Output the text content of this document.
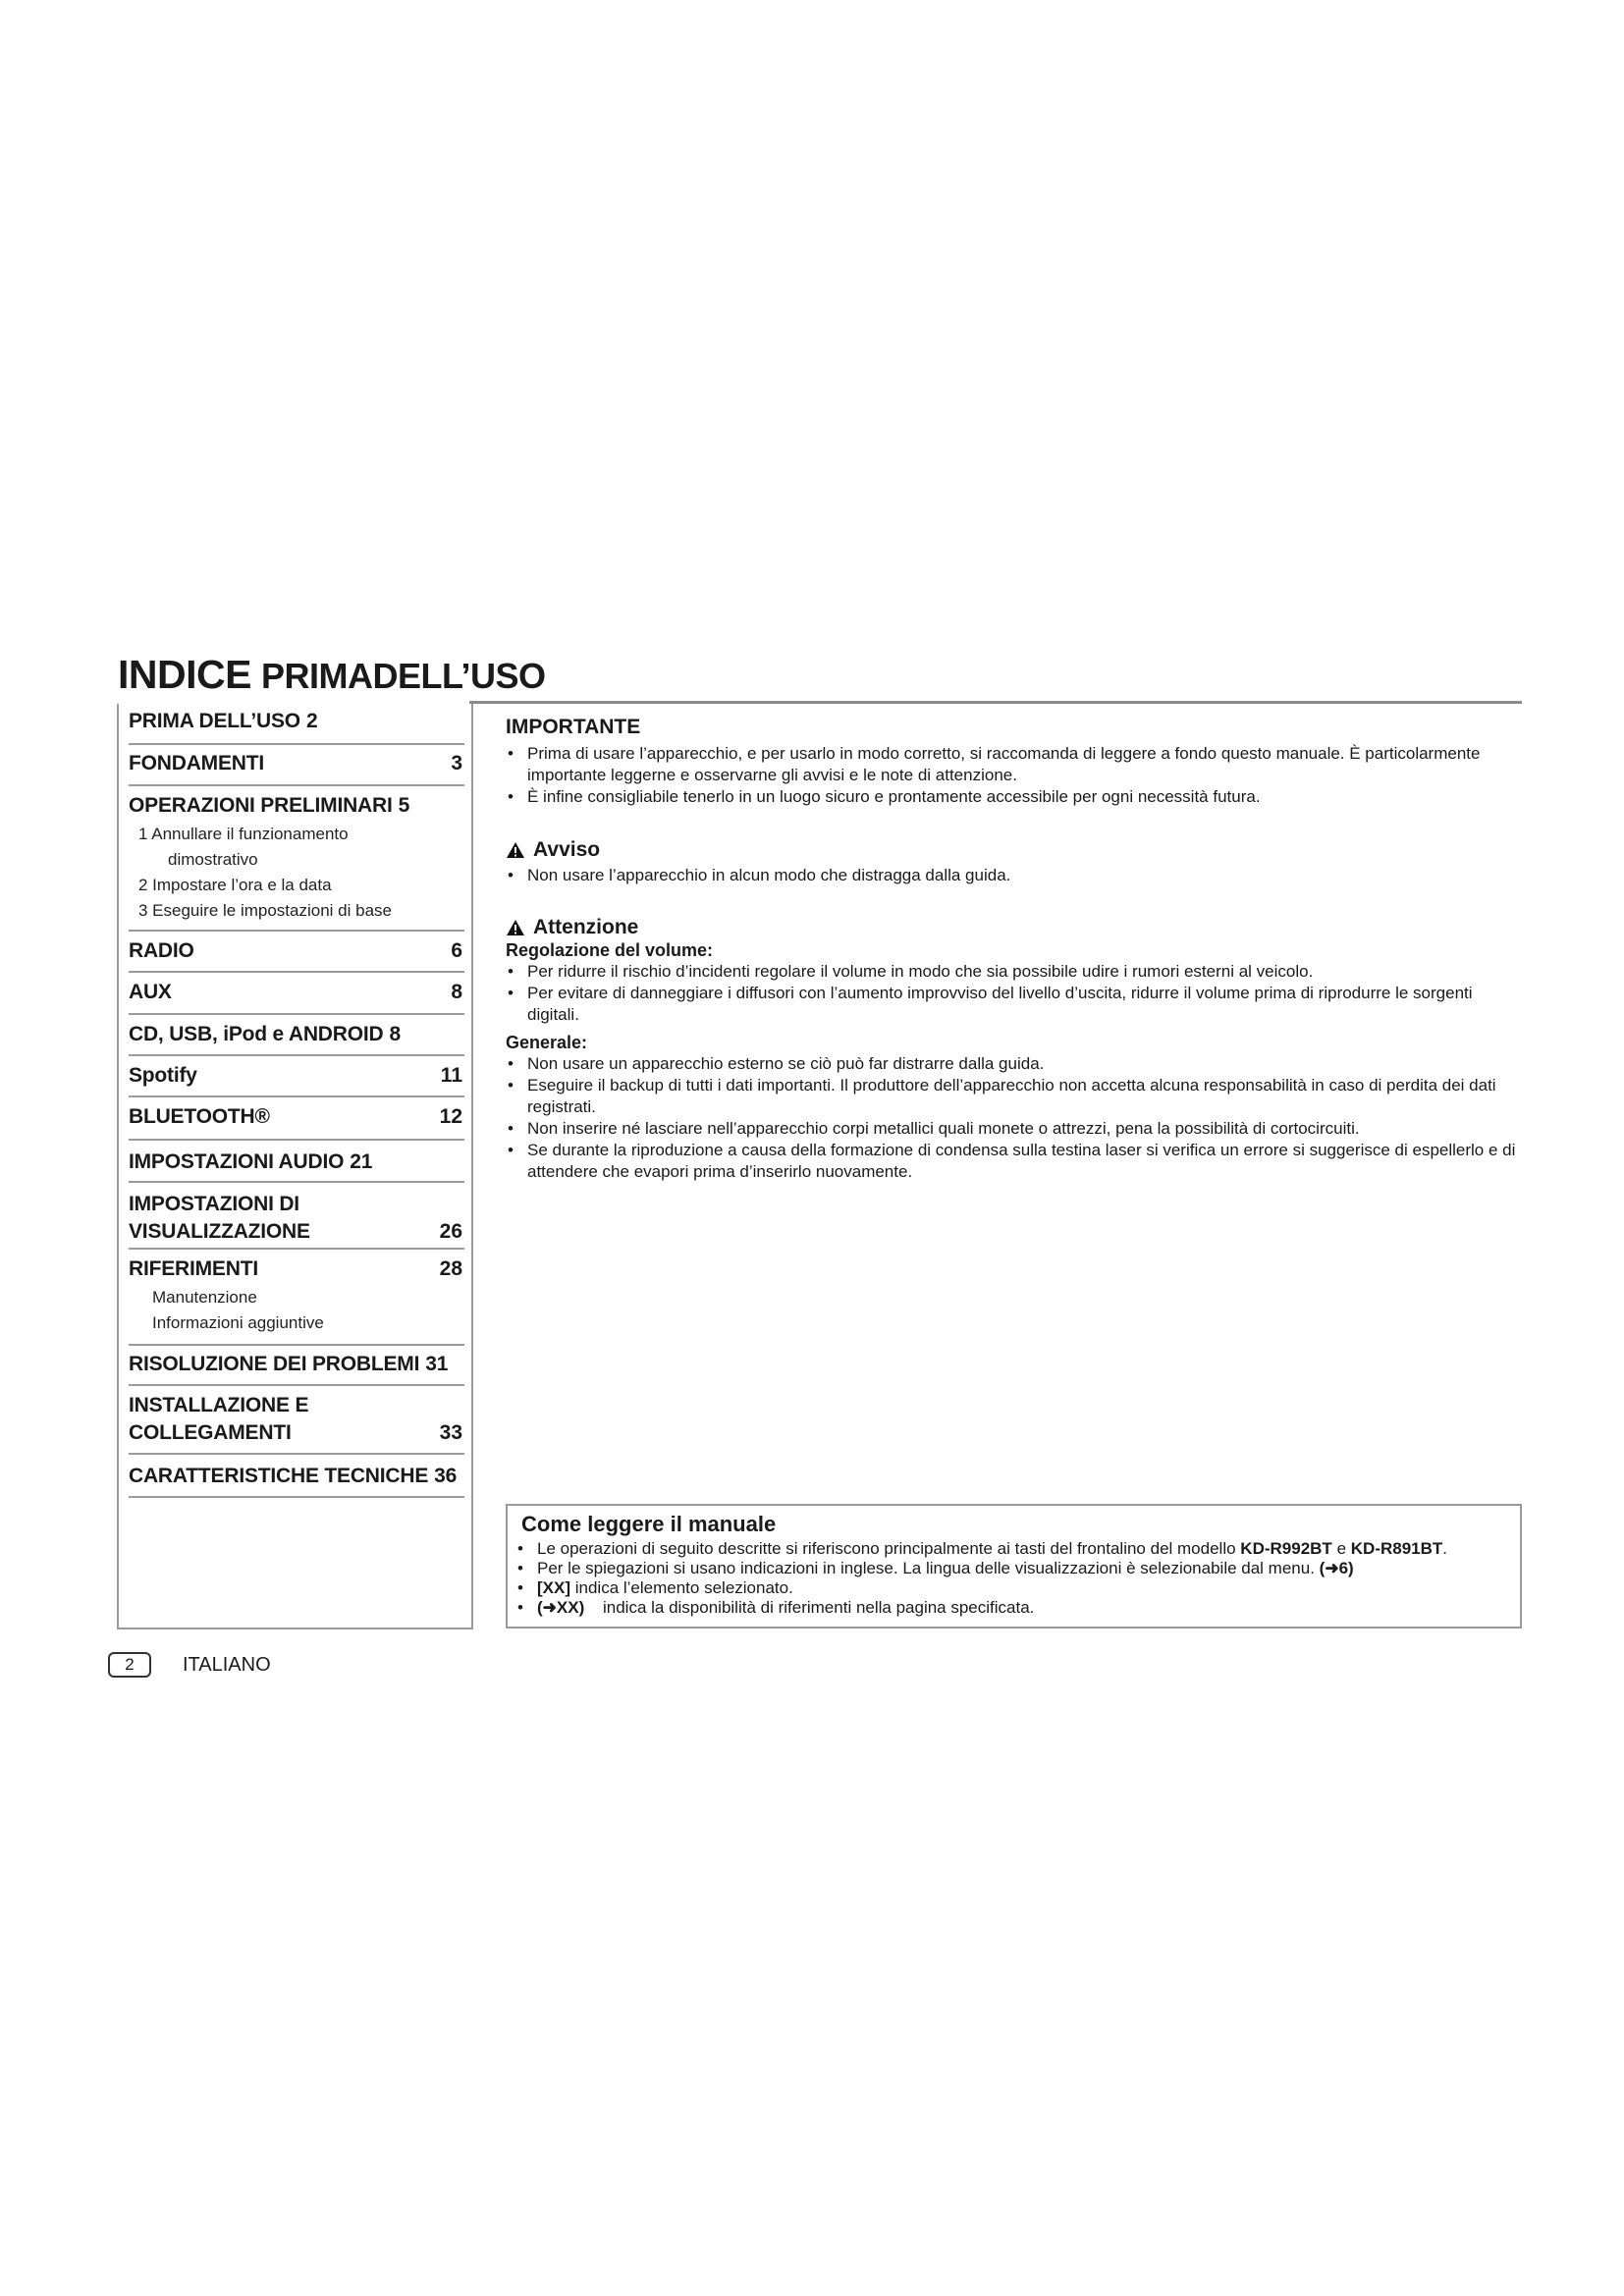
INDICE PRIMADELL’USO
PRIMA DELL’USO 2
FONDAMENTI	3
OPERAZIONI PRELIMINARI 5
1 Annullare il funzionamento
dimostrativo
2 Impostare l’ora e la data
3 Eseguire le impostazioni di base
RADIO	6
AUX	8
CD, USB, iPod e ANDROID 8
Spotify	11
BLUETOOTH®	12
IMPOSTAZIONI AUDIO 21
IMPOSTAZIONI DI
VISUALIZZAZIONE	26
RIFERIMENTI	28
Manutenzione
Informazioni aggiuntive
RISOLUZIONE DEI PROBLEMI 31
INSTALLAZIONE E
COLLEGAMENTI	33
CARATTERISTICHE TECNICHE 36
IMPORTANTE
• Prima di usare l’apparecchio, e per usarlo in modo corretto, si raccomanda di leggere a fondo questo manuale. È particolarmente importante leggerne e osservarne gli avvisi e le note di attenzione.
• È infine consigliabile tenerlo in un luogo sicuro e prontamente accessibile per ogni necessità futura.
Avviso
• Non usare l’apparecchio in alcun modo che distragga dalla guida.
Attenzione
Regolazione del volume:
• Per ridurre il rischio d’incidenti regolare il volume in modo che sia possibile udire i rumori esterni al veicolo.
• Per evitare di danneggiare i diffusori con l’aumento improvviso del livello d’uscita, ridurre il volume prima di riprodurre le sorgenti digitali.
Generale:
• Non usare un apparecchio esterno se ciò può far distrarre dalla guida.
• Eseguire il backup di tutti i dati importanti. Il produttore dell’apparecchio non accetta alcuna responsabilità in caso di perdita dei dati registrati.
• Non inserire né lasciare nell’apparecchio corpi metallici quali monete o attrezzi, pena la possibilità di cortocircuiti.
• Se durante la riproduzione a causa della formazione di condensa sulla testina laser si verifica un errore si suggerisce di espellerlo e di attendere che evapori prima d’inserirlo nuovamente.
Come leggere il manuale
• Le operazioni di seguito descritte si riferiscono principalmente ai tasti del frontalino del modello KD-R992BT e KD-R891BT.
• Per le spiegazioni si usano indicazioni in inglese. La lingua delle visualizzazioni è selezionabile dal menu. (➜6)
• [XX] indica l’elemento selezionato.
• (➜XX) indica la disponibilità di riferimenti nella pagina specificata.
2	ITALIANO
